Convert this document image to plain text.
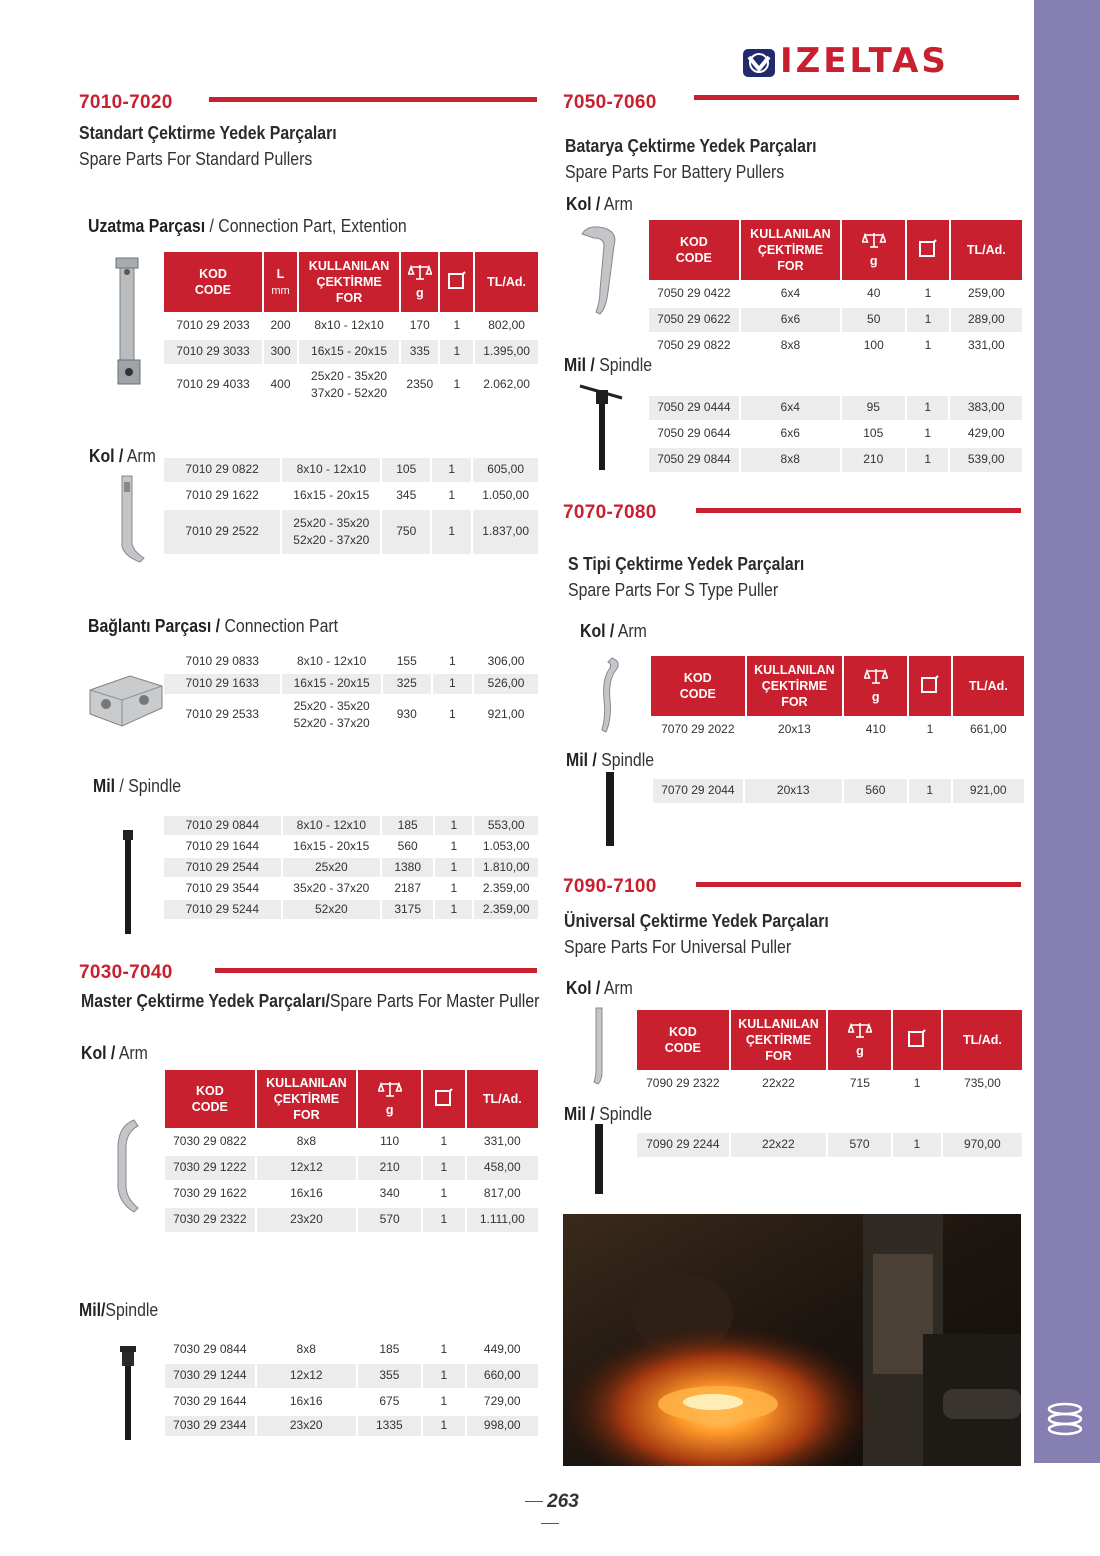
IZELTAS
7010-7020
Standart Çektirme Yedek Parçaları
Spare Parts For Standard Pullers
Uzatma Parçası / Connection Part, Extention
KOD
CODE	L
mm	KULLANILAN
ÇEKTİRME
FOR	g		TL/Ad.
7010 29 2033	200	8x10 - 12x10	170	1	802,00
7010 29 3033	300	16x15 - 20x15	335	1	1.395,00
7010 29 4033	400	25x20 - 35x20
37x20 - 52x20	2350	1	2.062,00
Kol / Arm
7010 29 0822	8x10 - 12x10	105	1	605,00
7010 29 1622	16x15 - 20x15	345	1	1.050,00
7010 29 2522	25x20 - 35x20
52x20 - 37x20	750	1	1.837,00
Bağlantı Parçası / Connection Part
7010 29 0833	8x10 - 12x10	155	1	306,00
7010 29 1633	16x15 - 20x15	325	1	526,00
7010 29 2533	25x20 - 35x20
52x20 - 37x20	930	1	921,00
Mil / Spindle
7010 29 0844	8x10 - 12x10	185	1	553,00
7010 29 1644	16x15 - 20x15	560	1	1.053,00
7010 29 2544	25x20	1380	1	1.810,00
7010 29 3544	35x20 - 37x20	2187	1	2.359,00
7010 29 5244	52x20	3175	1	2.359,00
7030-7040
Master Çektirme Yedek Parçaları/Spare Parts For Master Puller
Kol / Arm
KOD
CODE	KULLANILAN
ÇEKTİRME
FOR	g		TL/Ad.
7030 29 0822	8x8	110	1	331,00
7030 29 1222	12x12	210	1	458,00
7030 29 1622	16x16	340	1	817,00
7030 29 2322	23x20	570	1	1.111,00
Mil/Spindle
7030 29 0844	8x8	185	1	449,00
7030 29 1244	12x12	355	1	660,00
7030 29 1644	16x16	675	1	729,00
7030 29 2344	23x20	1335	1	998,00
7050-7060
Batarya Çektirme Yedek Parçaları
Spare Parts For Battery Pullers
Kol / Arm
KOD
CODE	KULLANILAN
ÇEKTİRME
FOR	g		TL/Ad.
7050 29 0422	6x4	40	1	259,00
7050 29 0622	6x6	50	1	289,00
7050 29 0822	8x8	100	1	331,00
Mil / Spindle
7050 29 0444	6x4	95	1	383,00
7050 29 0644	6x6	105	1	429,00
7050 29 0844	8x8	210	1	539,00
7070-7080
S Tipi Çektirme Yedek Parçaları
Spare Parts For S Type Puller
Kol / Arm
KOD
CODE	KULLANILAN
ÇEKTİRME
FOR	g		TL/Ad.
7070 29 2022	20x13	410	1	661,00
Mil / Spindle
7070 29 2044	20x13	560	1	921,00
7090-7100
Üniversal Çektirme Yedek Parçaları
Spare Parts For Universal Puller
Kol / Arm
KOD
CODE	KULLANILAN
ÇEKTİRME
FOR	g		TL/Ad.
7090 29 2322	22x22	715	1	735,00
Mil / Spindle
7090 29 2244	22x22	570	1	970,00
263
